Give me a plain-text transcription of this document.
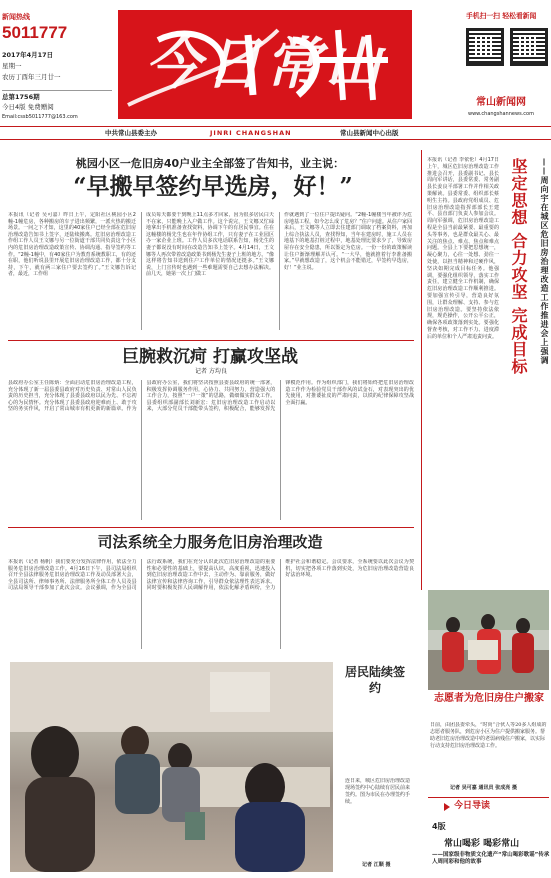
新闻热线
5011777
2017年4月17日
星期一
农历丁酉年三月廿一
总第1756期
今日4版 免费赠阅
Email:cssb5011777@163.com
今日常山
手机扫一扫 轻松看新闻
常山新闻网
www.changshannews.com
中共常山县委主办	JINRI CHANGSHAN	常山县新闻中心出版
桃园小区一危旧房40户业主全部签了告知书，业主说：
“早搬早签约早选房，好！”
本报讯（记者 吴可嘉）昨日上午，定阳社区桃园小区2幢-1幢危房，各种搬房的车子进出频繁，一派火热的搬迁场景。一问之下才知，这里的40家住户已经全部在危旧房治理改造告知书上签字，还陆续搬离。危旧房治理改造工作组工作人员王文娜与另一位街道干部共同负责这个小区内的危旧房治理改造政策宣传、协调沟通、指导签约等工作。“2幢-1幢中，有40家住户为教育系统教职工，有的还在职，他们听说县里开展危旧房治理改造工作，都十分支持，下午，就有两三家住户要去签约了。”王文娜告诉记者，最近，工作组
成员每天都要干到晚上11点多才回家，因为很多居民白天不在家，只能晚上入户做工作。这个说完，王文娜又忙碌地拿出手机准备查找资料，协调下午的有居民事宜。住在这幢楼的杨先生也在年作协组工作，只有妻子在工业园区办一家企业上班。工作人员多次电话联系告知，杨先生的妻子都说没有时间在改造告知书上签字。4月14日，王文娜等人再次带着改造政策书到杨先生妻子上班的地方。“像这样将告知书送到住户工作单位的情况还挺多。”王文娜说，上门宣传时也遇到一些难题需要自己去想办法解决。前几天，她第一次上门做工
作就遇到了一位住户提出疑问。“2幢-1幢楼当年被评为危房地基工程，如今怎么成了危房？”住户问道。从住户家回来后，王文娜等人立即去住建部门调取了档案资料，再加上综合执法人员，查找得知，当年在建房时，施工人员在地基下的地基打桩过程中，地基处理比要求少了，导致房屋存在安全隐患，所以鉴定为危房。一份一份的政策解读让住户渐渐理解并认可。“一大早，他就推着行李准备搬家。”早就想改造了，这个机会不能错过，早签约早选房，好！”业主说。
本报讯（记者 李依伦）4月17日上午，城区危旧房治理改造工作推进会召开，县委副书记、县长周向军讲话，县委常委、常务副县长姜良平部署工作并作相关政策解读。县委常委、组织部长蔡明生主持。县政府党组成员、危旧房治理改造指挥部部长王建平、县直部门负责人参加会议。周向军强调，危旧房治理改造工程是全县当前最紧要、最重要的头等事务，也是群众最关心、最关注的焦点、难点、焦点和难点问题。全县上下要把思想统一，凝心聚力，心往一处想、劲往一处使，以担当精神和过硬作风，坚决如期完成目标任务。他强调，要强化组织领导，落实工作责任，建立健全工作机制，确保危旧房治理改造工作顺利推进。要加强宣传引导，营造良好氛围，让群众理解、支持、参与危旧房治理改造。要坚持依法依规，规范操作，公开公平公正，确保各项政策落到实处。要强化督查考核，对工作不力、进度滞后的单位和个人严肃追责问责。 坚定思想 合力攻坚 完成目标	——周向宇在城区危旧房治理改造工作推进会上强调
巨腕救沉疴 打赢攻坚战
记者 方均良
县政府办公室主任陈炳：全面启动危旧房治理改造工程，充分体现了新一届县委县政府对历史负责、对常山人民负责的历史担当，充分体现了县委县政府以民为先、不忘初心的为民情怀。充分体现了县委县政府迎难而上、敢于攻坚的务实作风，开启了常山城市有机更新的新篇章。作为县政府办公室，我们将坚决按照县委县政府的统一部署，积极发挥协调服务作用，心协力、共同努力，营造强大的工作合力，按照“一户一策”的思路，做细做实群众工作。县委组织部副部长刘新宏：危旧房治理改造工作启动以来，大部分党员干部能带头签约，积极配合，能够发挥先锋模范作用。作为组织部门，我们将始终把危旧房治理改造工作作为检验党员干部作风的试金石，对表现突出的优先使用，对推诿扯皮的严肃问责，以铁的纪律保障攻坚战全面打赢。
司法系统全力服务危旧房治理改造
本报讯（记者 杨帆）我们要充分发挥法律作用，依法全力服务危旧房治理改造工作。4月16日下午，县司法局组织召开全县法律服务危旧房治理改造工作及动员部署大会，全县司法所、律师事务所、法律服务所全体工作人员及县司法局领导干部参加了此次会议。会议强调，作为全县司法行政系统，我们在充分认识此次危旧房治理改造的重要性和必要性的基础上，要提高认识，高度重视，迅速投入到危旧房治理改造工作中去，主动作为、靠前服务，做好法律宣传和法律咨询工作，引导群众依法理性表达诉求。同时要积极发挥人民调解作用，依法化解矛盾纠纷，全力维护社会和谐稳定。会议要求，全系统要以此次会议为契机，切实把各项工作落到实处，为危旧房治理改造营造良好法治环境。
居民陆续签约
连日来，城区危旧房治理改造现场签约中心陆续有居民前来签约。图为市民在办理签约手续。
记者 江顺 摄
志愿者为危旧房住户搬家
日前，由团县委牵头，“时尚”合伙人等20多人组成的志愿者服务队，到危房小区为住户提供搬家服务。帮助老旧危房治理改造中的老弱病残住户搬家，以实际行动支持危旧房治理改造工作。
记者 吴可嘉 通讯员 张成亮 摄
今日导读
4版
常山喝彩 喝彩常山
——国家级非物质文化遗产“常山喝彩歌谣”传承人周同彩和他的故事
